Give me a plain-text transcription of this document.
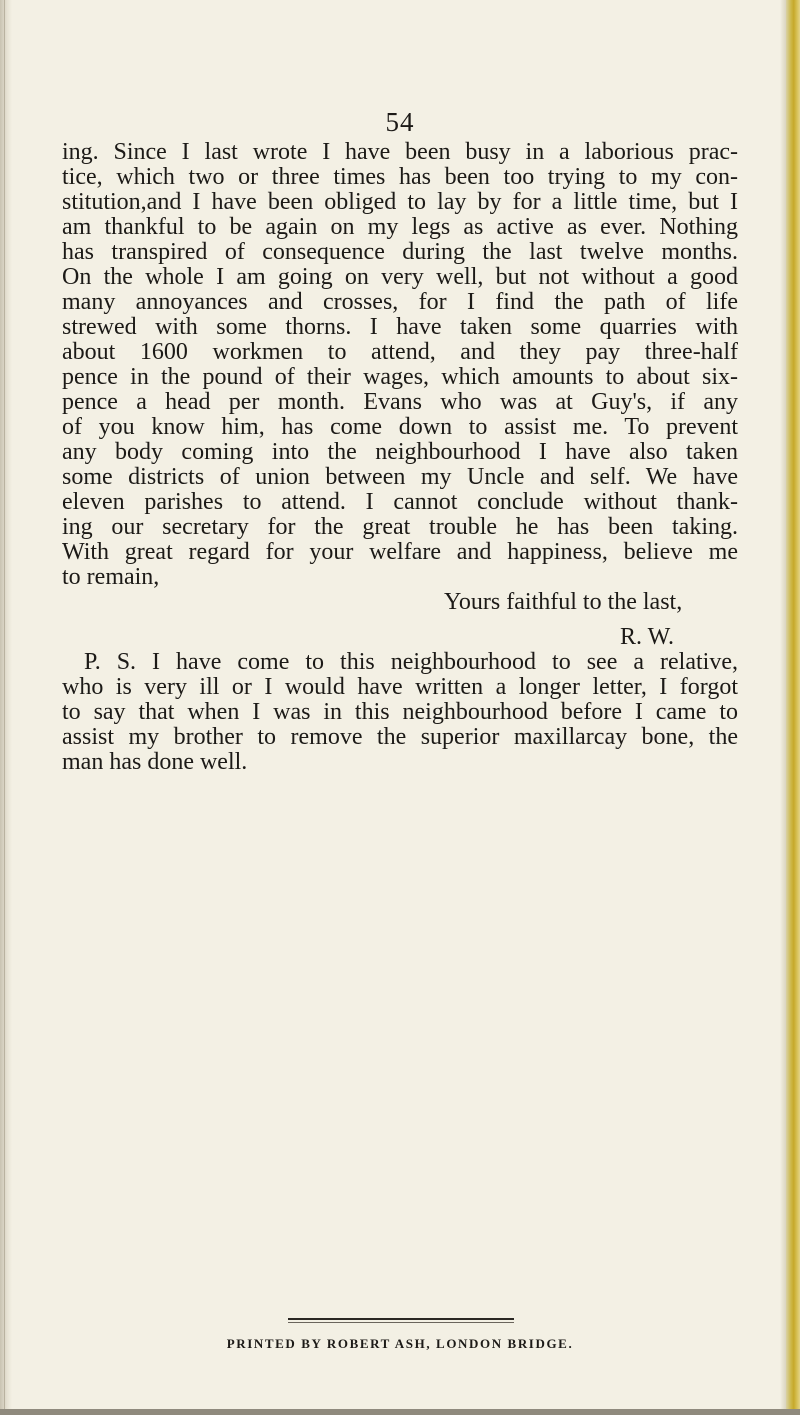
54
ing. Since I last wrote I have been busy in a laborious prac-
tice, which two or three times has been too trying to my con-
stitution,and I have been obliged to lay by for a little time, but I
am thankful to be again on my legs as active as ever. Nothing
has transpired of consequence during the last twelve months.
On the whole I am going on very well, but not without a good
many annoyances and crosses, for I find the path of life
strewed with some thorns. I have taken some quarries with
about 1600 workmen to attend, and they pay three-half
pence in the pound of their wages, which amounts to about six-
pence a head per month. Evans who was at Guy's, if any
of you know him, has come down to assist me. To prevent
any body coming into the neighbourhood I have also taken
some districts of union between my Uncle and self. We have
eleven parishes to attend. I cannot conclude without thank-
ing our secretary for the great trouble he has been taking.
With great regard for your welfare and happiness, believe me
to remain,
Yours faithful to the last,
R. W.
P. S. I have come to this neighbourhood to see a relative,
who is very ill or I would have written a longer letter, I forgot
to say that when I was in this neighbourhood before I came to
assist my brother to remove the superior maxillarcay bone, the
man has done well.
PRINTED BY ROBERT ASH, LONDON BRIDGE.
